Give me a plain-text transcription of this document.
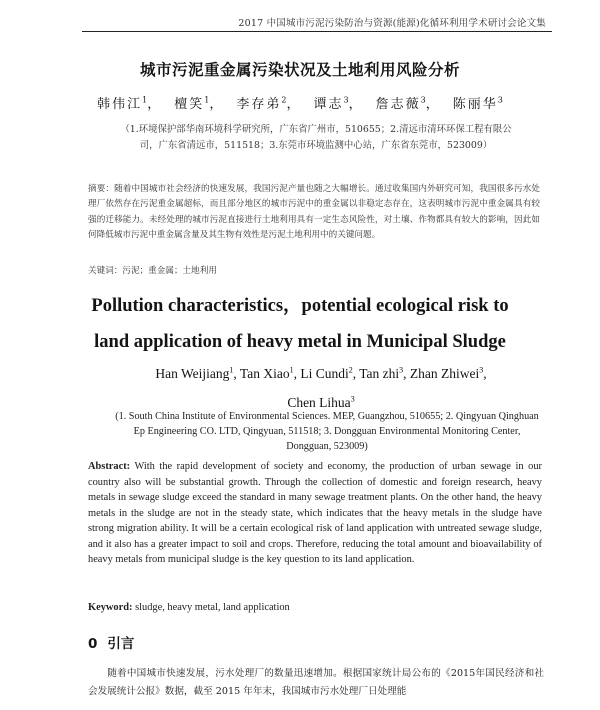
2017 中国城市污泥污染防治与资源(能源)化循环利用学术研讨会论文集
城市污泥重金属污染状况及土地利用风险分析
韩伟江$^1$， 檀笑$^1$， 李存弟$^2$， 谭志$^3$， 詹志薇$^3$， 陈丽华$^3$
（1.环境保护部华南环境科学研究所，广东省广州市，510655；2.清远市清环环保工程有限公司，广东省清远市，511518；3.东莞市环境监测中心站，广东省东莞市，523009）
摘要：随着中国城市社会经济的快速发展，我国污泥产量也随之大幅增长。通过收集国内外研究可知，我国很多污水处理厂依然存在污泥重金属超标，而且部分地区的城市污泥中的重金属以非稳定态存在，这表明城市污泥中重金属具有较强的迁移能力。未经处理的城市污泥直接进行土地利用具有一定生态风险性，对土壤、作物都具有较大的影响，因此如何降低城市污泥中重金属含量及其生物有效性是污泥土地利用中的关键问题。
关键词：污泥；重金属；土地利用
Pollution characteristics，potential ecological risk to
land application of heavy metal in Municipal Sludge
Han Weijiang$^1$, Tan Xiao$^1$, Li Cundi$^2$, Tan zhi$^3$, Zhan Zhiwei$^3$,
Chen Lihua$^3$
(1. South China Institute of Environmental Sciences. MEP, Guangzhou, 510655; 2. Qingyuan Qinghuan Ep Engineering CO. LTD, Qingyuan, 511518; 3. Dongguan Environmental Monitoring Center, Dongguan, 523009)
Abstract: With the rapid development of society and economy, the production of urban sewage in our country also will be substantial growth. Through the collection of domestic and foreign research, heavy metals in sewage sludge exceed the standard in many sewage treatment plants. On the other hand, the heavy metals in the sludge are not in the steady state, which indicates that the heavy metals in the sludge have strong migration ability. It will be a certain ecological risk of land application with untreated sewage sludge, and it also has a greater impact to soil and crops. Therefore, reducing the total amount and bioavailability of heavy metals from municipal sludge is the key question to its land application.
Keyword: sludge, heavy metal, land application
0 引言
随着中国城市快速发展，污水处理厂的数量迅速增加。根据国家统计局公布的《2015年国民经济和社会发展统计公报》数据，截至 2015 年年末，我国城市污水处理厂日处理能
